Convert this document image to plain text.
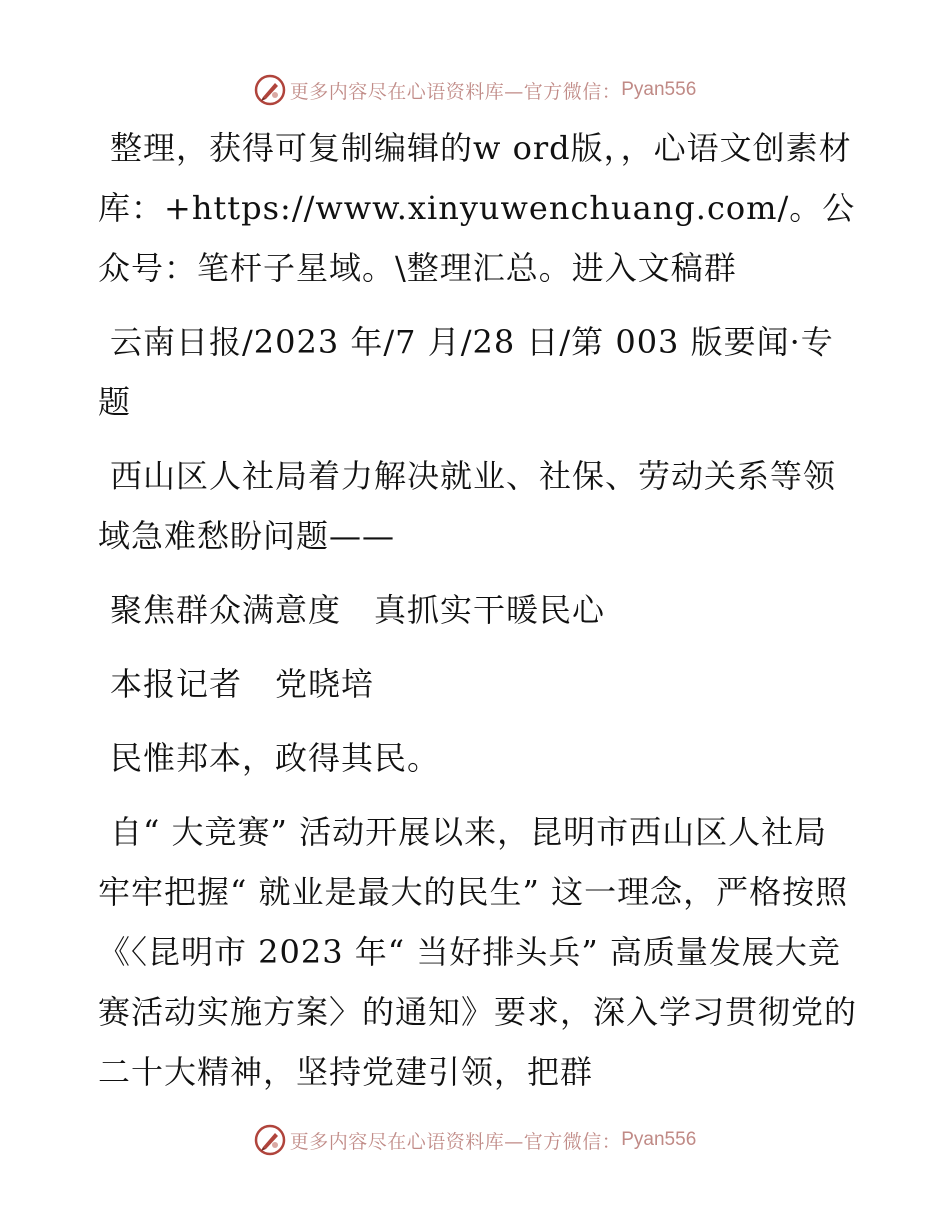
更多内容尽在心语资料库—官方微信： Pyan556

整理，获得可复制编辑的w ord版，，心语文创素材库：+https://www.xinyuwenchuang.com/。公众号：笔杆子星域。\整理汇总。进入文稿群

云南日报/2023 年/7 月/28 日/第 003 版要闻·专题

西山区人社局着力解决就业、社保、劳动关系等领域急难愁盼问题——

聚焦群众满意度　真抓实干暖民心

本报记者　党晓培

民惟邦本，政得其民。

自“ 大竞赛” 活动开展以来，昆明市西山区人社局牢牢把握“ 就业是最大的民生” 这一理念，严格按照《〈昆明市 2023 年“ 当好排头兵” 高质量发展大竞赛活动实施方案〉的通知》要求，深入学习贯彻党的二十大精神，坚持党建引领，把群

更多内容尽在心语资料库—官方微信： Pyan556
